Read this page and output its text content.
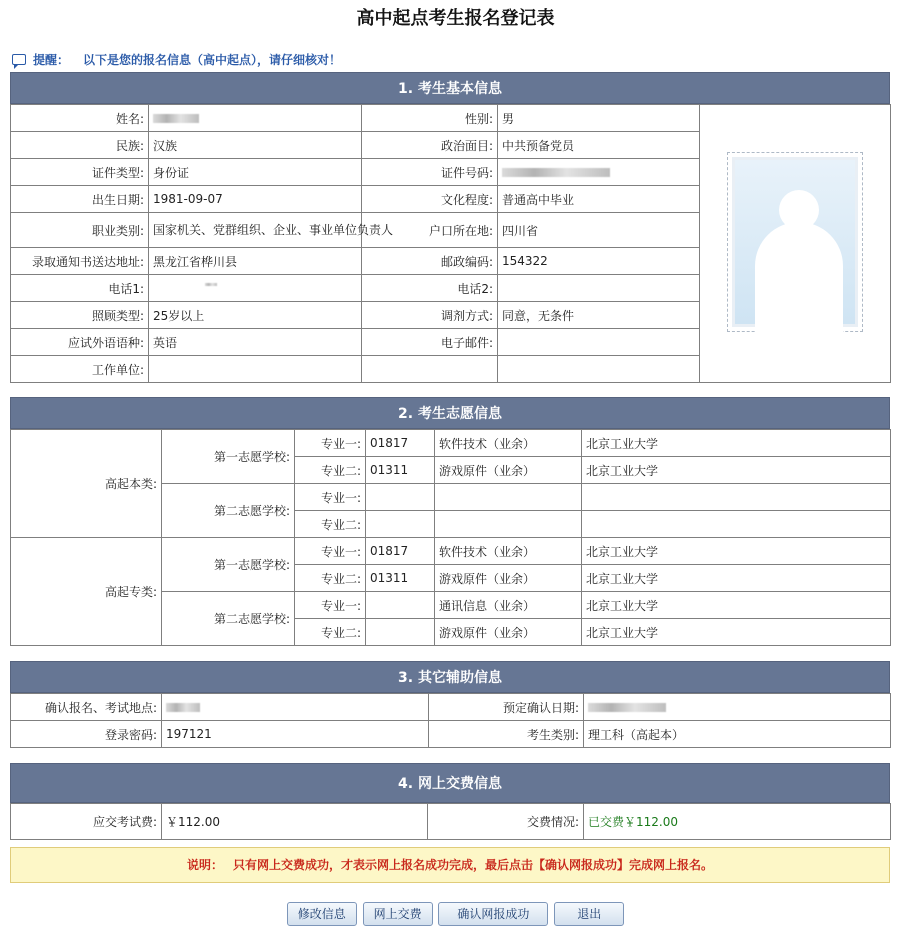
高中起点考生报名登记表
提醒： 以下是您的报名信息（高中起点），请仔细核对！
1. 考生基本信息
姓名:		性别:	男	

民族:	汉族	政治面目:	中共预备党员	
证件类型:	身份证	证件号码:		
出生日期:	1981-09-07	文化程度:	普通高中毕业	
职业类别:	国家机关、党群组织、企业、事业单位负责人	户口所在地:	四川省	
录取通知书送达地址:	黑龙江省桦川县	邮政编码:	154322	
电话1:		电话2:		
照顾类型:	25岁以上	调剂方式:	同意，无条件	
应试外语语种:	英语	电子邮件:		
工作单位:				
2. 考生志愿信息
高起本类:	第一志愿学校:	专业一:	01817	软件技术（业余）	北京工业大学
		专业二:	01311	游戏原件（业余）	北京工业大学
	第二志愿学校:	专业一:			
		专业二:			
高起专类:	第一志愿学校:	专业一:	01817	软件技术（业余）	北京工业大学
		专业二:	01311	游戏原件（业余）	北京工业大学
	第二志愿学校:	专业一:		通讯信息（业余）	北京工业大学
		专业二:		游戏原件（业余）	北京工业大学
3. 其它辅助信息
确认报名、考试地点:		预定确认日期:	
登录密码:	197121	考生类别:	理工科（高起本）
4. 网上交费信息
应交考试费:	￥112.00	交费情况:	已交费￥112.00
说明： 只有网上交费成功，才表示网上报名成功完成，最后点击【确认网报成功】完成网上报名。
修改信息 网上交费	确认网报成功	退出
